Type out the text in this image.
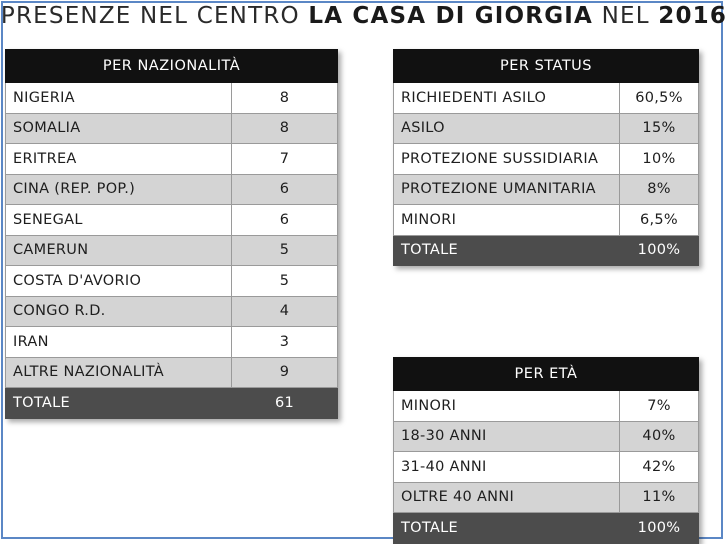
PRESENZE NEL CENTRO LA CASA DI GIORGIA NEL 2016
PER NAZIONALITÀ	
NIGERIA	8
SOMALIA	8
ERITREA	7
CINA (REP. POP.)	6
SENEGAL	6
CAMERUN	5
COSTA D'AVORIO	5
CONGO R.D.	4
IRAN	3
ALTRE NAZIONALITÀ	9
TOTALE	61
PER STATUS	
RICHIEDENTI ASILO	60,5%
ASILO	15%
PROTEZIONE SUSSIDIARIA	10%
PROTEZIONE UMANITARIA	8%
MINORI	6,5%
TOTALE	100%
PER ETÀ	
MINORI	7%
18-30 ANNI	40%
31-40 ANNI	42%
OLTRE 40 ANNI	11%
TOTALE	100%
